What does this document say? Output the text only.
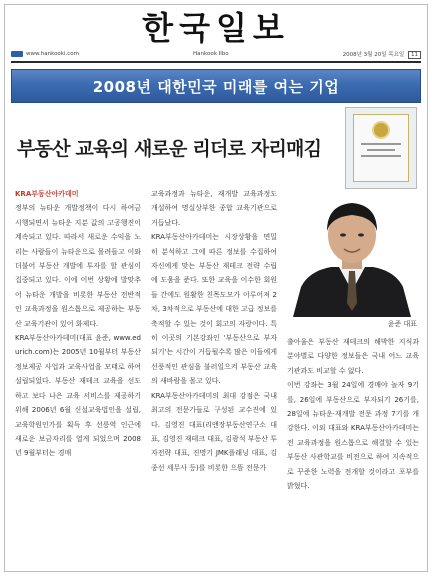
한국일보
www.hankooki.com	Hankook Ilbo	2008년 3월 20일 목요일 11
2008년 대한민국 미래를 여는 기업
부동산 교육의 새로운 리더로 자리매김
KRA부동산아카데미

정부의 뉴타운 개발정책이 다시 하여금 시행되면서 뉴타운 지분 값의 고공행진이 계속되고 있다. 따라서 새로운 수익을 노리는 사람들이 뉴타운으로 몰려들고 이와 더불어 부동산 개발에 투자를 할 관심이 집중되고 있다. 이에 이번 상황에 발맞추어 뉴타운 개발을 비롯한 부동산 전반적인 교육과정을 원스톱으로 제공하는 부동산 교육기관이 있어 화제다.

KRA부동산아카데미(대표 윤준, www.edurich.com)는 2005년 10월부터 부동산 정보제공 사업과 교육사업을 모태로 하여 설립되었다. 부동산 재테크 교육을 선도하고 보다 나은 교육 서비스를 제공하기 위해 2006년 6월 신설교육법인을 설립, 교육학원인가를 획득 후 선릉역 인근에 새로운 보금자리를 열게 되었으며 2008년 9월부터는 경매

교육과정과 뉴타운, 재개발 교육과정도 개설하여 명실상부한 종합 교육기관으로 거듭났다.

KRA부동산아카데미는 시장상황을 면밀히 분석하고 그에 따른 정보를 수집하여 자신에게 맞는 부동산 재테크 전략 수립에 도움을 준다. 또한 교육을 이수한 회원들 간에도 원활한 친목도모가 이루어져 2차, 3차적으로 부동산에 대한 고급 정보를 축적할 수 있는 것이 회고의 자랑이다. 특히 이곳의 기본강좌인 '부동산으로 부자 되기'는 시간이 거듭될수록 많은 이들에게 선풍적인 관심을 불러일으켜 부동산 교육의 새바람을 몰고 있다.

KRA부동산아카데미의 최대 강점은 국내최고의 전문가들로 구성된 교수진에 있다. 김영진 대표(리앤장부동산연구소 대표, 김영진 재테크 대표, 김광석 부동산 투자전략 대표, 진명기 JMK플래닝 대표, 김종선 세무사 등)를 비롯한 으뜸 전문가

윤준 대표

출아울은 부동산 재테크의 해박한 지식과 분야별로 다양한 정보들은 국내 어느 교육기관과도 비교할 수 없다.

이번 강좌는 3월 24일에 경매야 놀자 9기를, 26일에 부동산으로 부자되기 26기를, 28일에 뉴타운·재개발 전문 과정 7기를 개강한다. 이외 대표와 KRA부동산아카데미는 전 교육과정을 원스톱으로 해결할 수 있는 부동산 사관학교를 비전으로 하여 지속적으로 꾸준한 노력을 전개할 것이라고 포부를 밝혔다.
